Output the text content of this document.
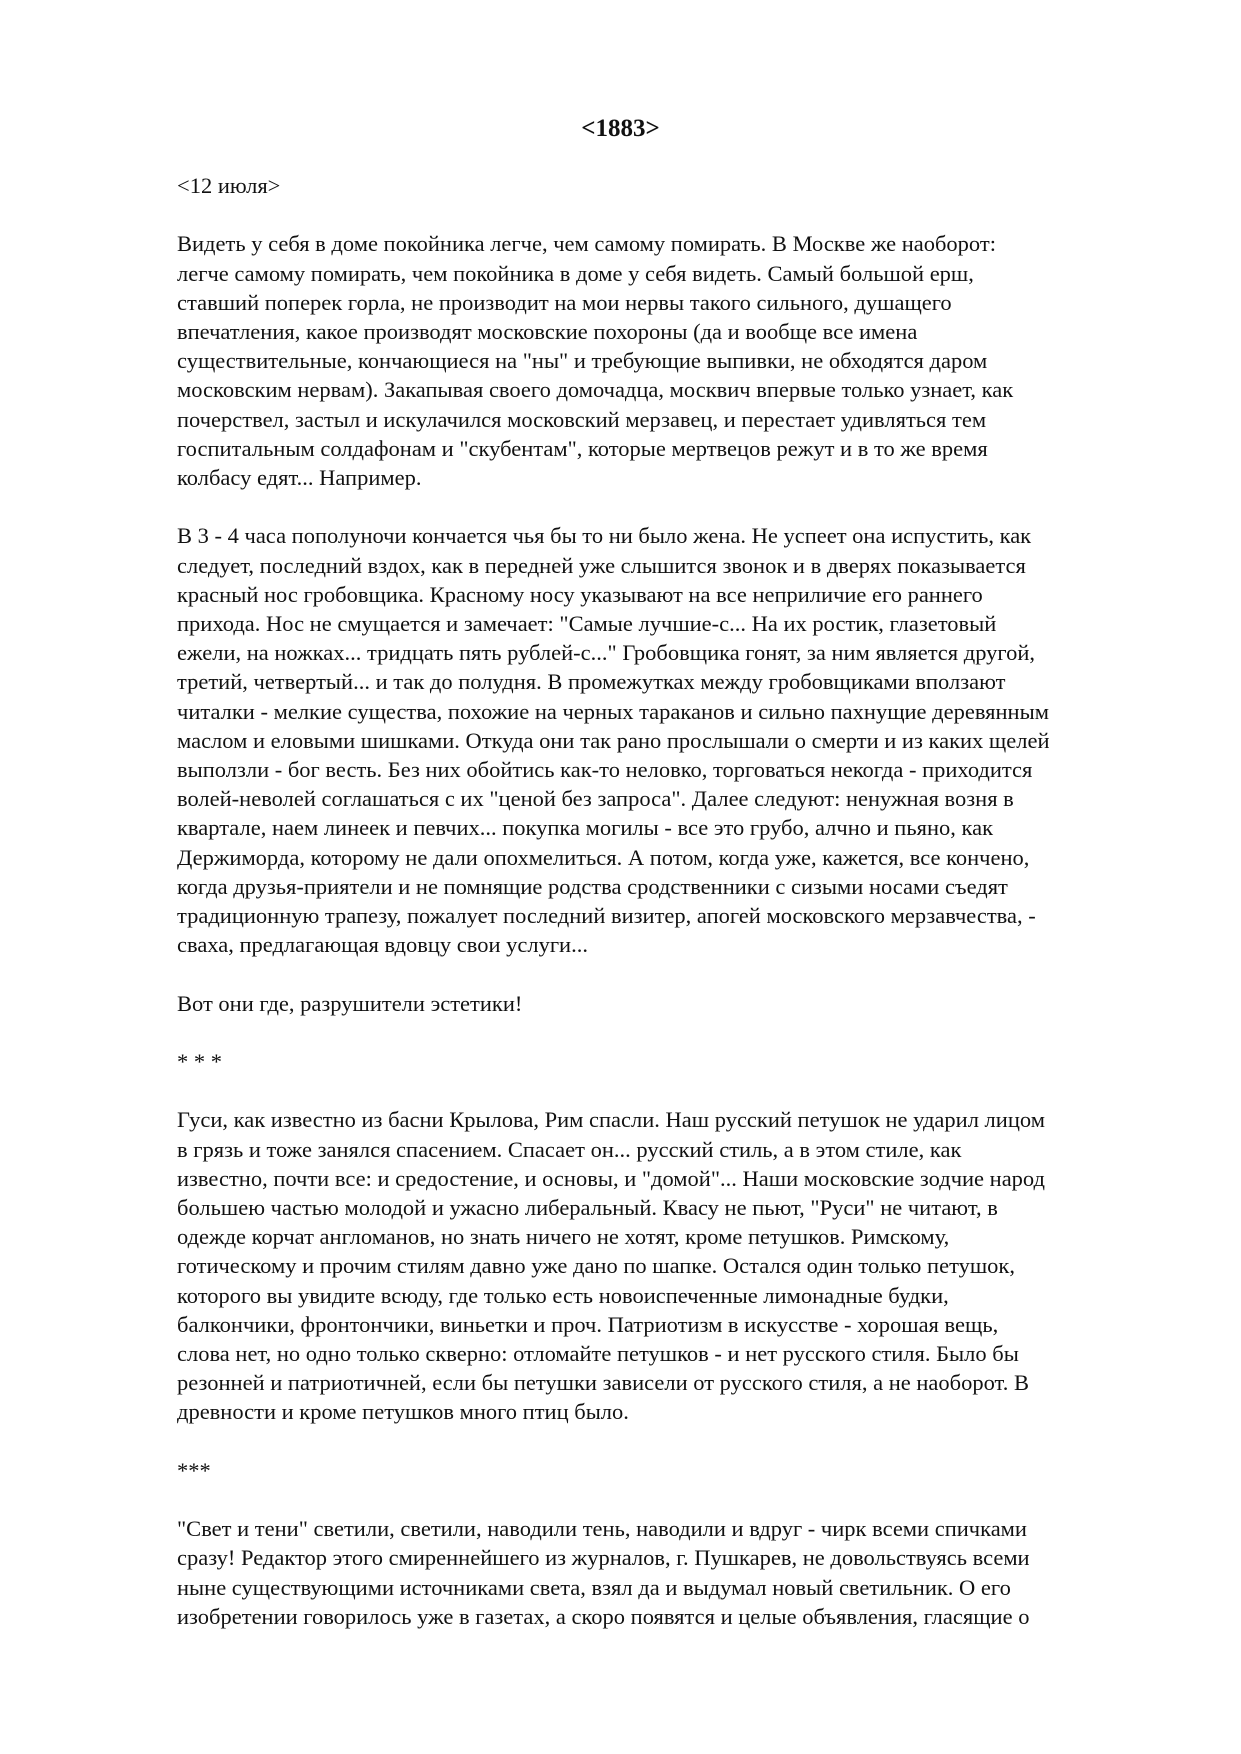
<1883>

<12 июля>

Видеть у себя в доме покойника легче, чем самому помирать. В Москве же наоборот:
легче самому помирать, чем покойника в доме у себя видеть. Самый большой ерш,
ставший поперек горла, не производит на мои нервы такого сильного, душащего
впечатления, какое производят московские похороны (да и вообще все имена
существительные, кончающиеся на "ны" и требующие выпивки, не обходятся даром
московским нервам). Закапывая своего домочадца, москвич впервые только узнает, как
почерствел, застыл и искулачился московский мерзавец, и перестает удивляться тем
госпитальным солдафонам и "скубентам", которые мертвецов режут и в то же время
колбасу едят... Например.

В 3 - 4 часа пополуночи кончается чья бы то ни было жена. Не успеет она испустить, как
следует, последний вздох, как в передней уже слышится звонок и в дверях показывается
красный нос гробовщика. Красному носу указывают на все неприличие его раннего
прихода. Нос не смущается и замечает: "Самые лучшие-с... На их ростик, глазетовый
ежели, на ножках... тридцать пять рублей-с..." Гробовщика гонят, за ним является другой,
третий, четвертый... и так до полудня. В промежутках между гробовщиками вползают
читалки - мелкие существа, похожие на черных тараканов и сильно пахнущие деревянным
маслом и еловыми шишками. Откуда они так рано прослышали о смерти и из каких щелей
выползли - бог весть. Без них обойтись как-то неловко, торговаться некогда - приходится
волей-неволей соглашаться с их "ценой без запроса". Далее следуют: ненужная возня в
квартале, наем линеек и певчих... покупка могилы - все это грубо, алчно и пьяно, как
Держиморда, которому не дали опохмелиться. А потом, когда уже, кажется, все кончено,
когда друзья-приятели и не помнящие родства сродственники с сизыми носами съедят
традиционную трапезу, пожалует последний визитер, апогей московского мерзавчества, -
сваха, предлагающая вдовцу свои услуги...

Вот они где, разрушители эстетики!

* * *

Гуси, как известно из басни Крылова, Рим спасли. Наш русский петушок не ударил лицом
в грязь и тоже занялся спасением. Спасает он... русский стиль, а в этом стиле, как
известно, почти все: и средостение, и основы, и "домой"... Наши московские зодчие народ
большею частью молодой и ужасно либеральный. Квасу не пьют, "Руси" не читают, в
одежде корчат англоманов, но знать ничего не хотят, кроме петушков. Римскому,
готическому и прочим стилям давно уже дано по шапке. Остался один только петушок,
которого вы увидите всюду, где только есть новоиспеченные лимонадные будки,
балкончики, фронтончики, виньетки и проч. Патриотизм в искусстве - хорошая вещь,
слова нет, но одно только скверно: отломайте петушков - и нет русского стиля. Было бы
резонней и патриотичней, если бы петушки зависели от русского стиля, а не наоборот. В
древности и кроме петушков много птиц было.

***

"Свет и тени" светили, светили, наводили тень, наводили и вдруг - чирк всеми спичками
сразу! Редактор этого смиреннейшего из журналов, г. Пушкарев, не довольствуясь всеми
ныне существующими источниками света, взял да и выдумал новый светильник. О его
изобретении говорилось уже в газетах, а скоро появятся и целые объявления, гласящие о
